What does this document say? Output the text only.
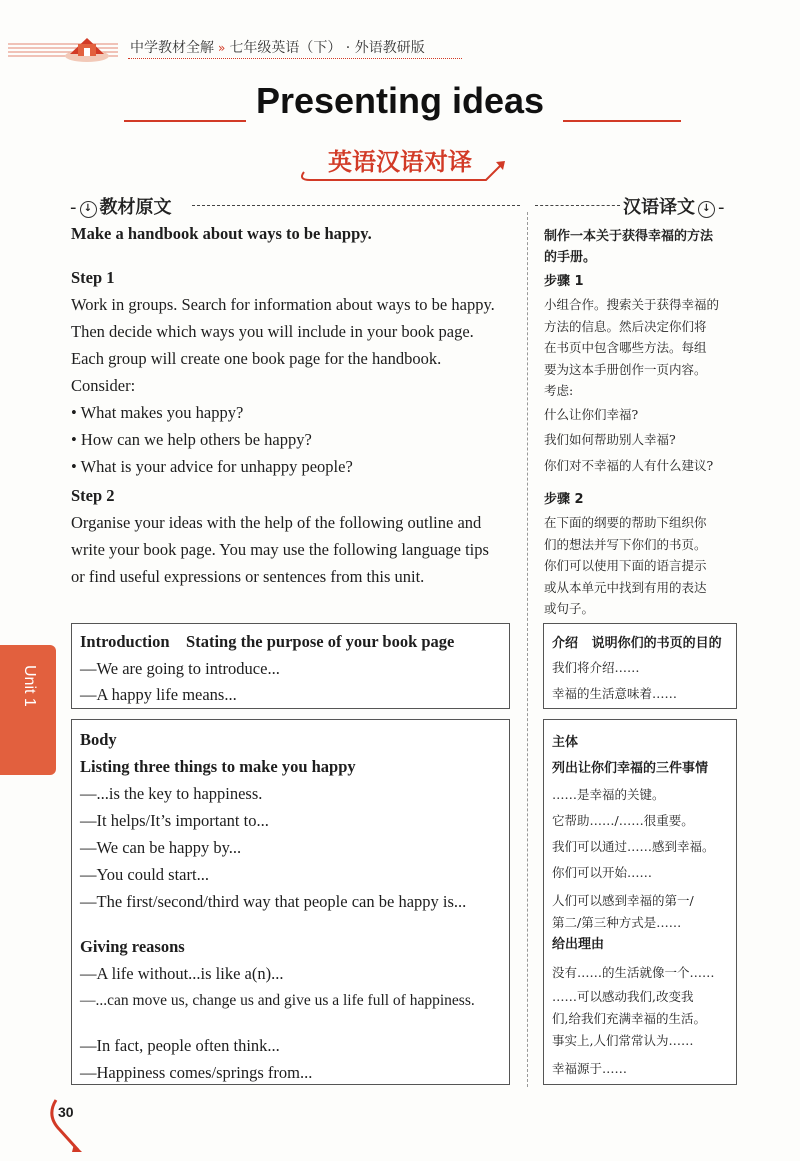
中学教材全解 » 七年级英语（下） · 外语教研版
Presenting ideas
英语汉语对译
- ↓ 教材原文	汉语译文 ↓ -
Make a handbook about ways to be happy.
Step 1
Work in groups. Search for information about ways to be happy.
Then decide which ways you will include in your book page.
Each group will create one book page for the handbook.
Consider:
• What makes you happy?
• How can we help others be happy?
• What is your advice for unhappy people?
Step 2
Organise your ideas with the help of the following outline and
write your book page. You may use the following language tips
or find useful expressions or sentences from this unit.
Introduction    Stating the purpose of your book page
—We are going to introduce...
—A happy life means...
Body
Listing three things to make you happy
—...is the key to happiness.
—It helps/It’s important to...
—We can be happy by...
—You could start...
—The first/second/third way that people can be happy is...
Giving reasons
—A life without...is like a(n)...
—...can move us, change us and give us a life full of happiness.
—In fact, people often think...
—Happiness comes/springs from...
制作一本关于获得幸福的方法
的手册。
步骤 1
小组合作。搜索关于获得幸福的
方法的信息。然后决定你们将
在书页中包含哪些方法。每组
要为这本手册创作一页内容。
考虑:
什么让你们幸福?
我们如何帮助别人幸福?
你们对不幸福的人有什么建议?
步骤 2
在下面的纲要的帮助下组织你
们的想法并写下你们的书页。
你们可以使用下面的语言提示
或从本单元中找到有用的表达
或句子。
介绍   说明你们的书页的目的
我们将介绍……
幸福的生活意味着……
主体
列出让你们幸福的三件事情
……是幸福的关键。
它帮助……/……很重要。
我们可以通过……感到幸福。
你们可以开始……
人们可以感到幸福的第一/
第二/第三种方式是……
给出理由
没有……的生活就像一个……
……可以感动我们,改变我
们,给我们充满幸福的生活。
事实上,人们常常认为……
幸福源于……
Unit 1
30
